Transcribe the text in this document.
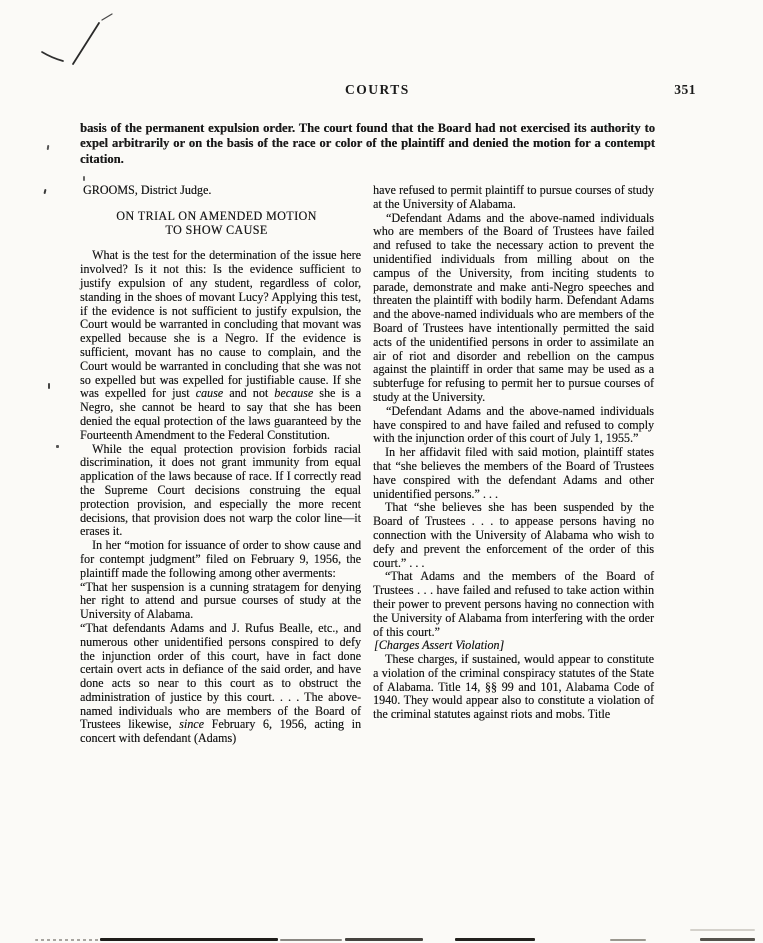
COURTS	351
basis of the permanent expulsion order. The court found that the Board had not exercised its authority to expel arbitrarily or on the basis of the race or color of the plaintiff and denied the motion for a contempt citation.

GROOMS, District Judge.

ON TRIAL ON AMENDED MOTION
TO SHOW CAUSE

What is the test for the determination of the issue here involved? Is it not this: Is the evidence sufficient to justify expulsion of any student, regardless of color, standing in the shoes of movant Lucy? Applying this test, if the evidence is not sufficient to justify expulsion, the Court would be warranted in concluding that movant was expelled because she is a Negro. If the evidence is sufficient, movant has no cause to complain, and the Court would be warranted in concluding that she was not so expelled but was expelled for justifiable cause. If she was expelled for just cause and not because she is a Negro, she cannot be heard to say that she has been denied the equal protection of the laws guaranteed by the Fourteenth Amendment to the Federal Constitution.

While the equal protection provision forbids racial discrimination, it does not grant immunity from equal application of the laws because of race. If I correctly read the Supreme Court decisions construing the equal protection provision, and especially the more recent decisions, that provision does not warp the color line—it erases it.

In her “motion for issuance of order to show cause and for contempt judgment” filed on February 9, 1956, the plaintiff made the following among other averments:

“That her suspension is a cunning stratagem for denying her right to attend and pursue courses of study at the University of Alabama.

“That defendants Adams and J. Rufus Bealle, etc., and numerous other unidentified persons conspired to defy the injunction order of this court, have in fact done certain overt acts in defiance of the said order, and have done acts so near to this court as to obstruct the administration of justice by this court. . . . The above-named individuals who are members of the Board of Trustees likewise, since February 6, 1956, acting in concert with defendant (Adams)

have refused to permit plaintiff to pursue courses of study at the University of Alabama.

“Defendant Adams and the above-named individuals who are members of the Board of Trustees have failed and refused to take the necessary action to prevent the unidentified individuals from milling about on the campus of the University, from inciting students to parade, demonstrate and make anti-Negro speeches and threaten the plaintiff with bodily harm. Defendant Adams and the above-named individuals who are members of the Board of Trustees have intentionally permitted the said acts of the unidentified persons in order to assimilate an air of riot and disorder and rebellion on the campus against the plaintiff in order that same may be used as a subterfuge for refusing to permit her to pursue courses of study at the University.

“Defendant Adams and the above-named individuals have conspired to and have failed and refused to comply with the injunction order of this court of July 1, 1955.”

In her affidavit filed with said motion, plaintiff states that “she believes the members of the Board of Trustees have conspired with the defendant Adams and other unidentified persons.” . . .

That “she believes she has been suspended by the Board of Trustees . . . to appease persons having no connection with the University of Alabama who wish to defy and prevent the enforcement of the order of this court.” . . .

“That Adams and the members of the Board of Trustees . . . have failed and refused to take action within their power to prevent persons having no connection with the University of Alabama from interfering with the order of this court.”

[Charges Assert Violation]

These charges, if sustained, would appear to constitute a violation of the criminal conspiracy statutes of the State of Alabama. Title 14, §§ 99 and 101, Alabama Code of 1940. They would appear also to constitute a violation of the criminal statutes against riots and mobs. Title
